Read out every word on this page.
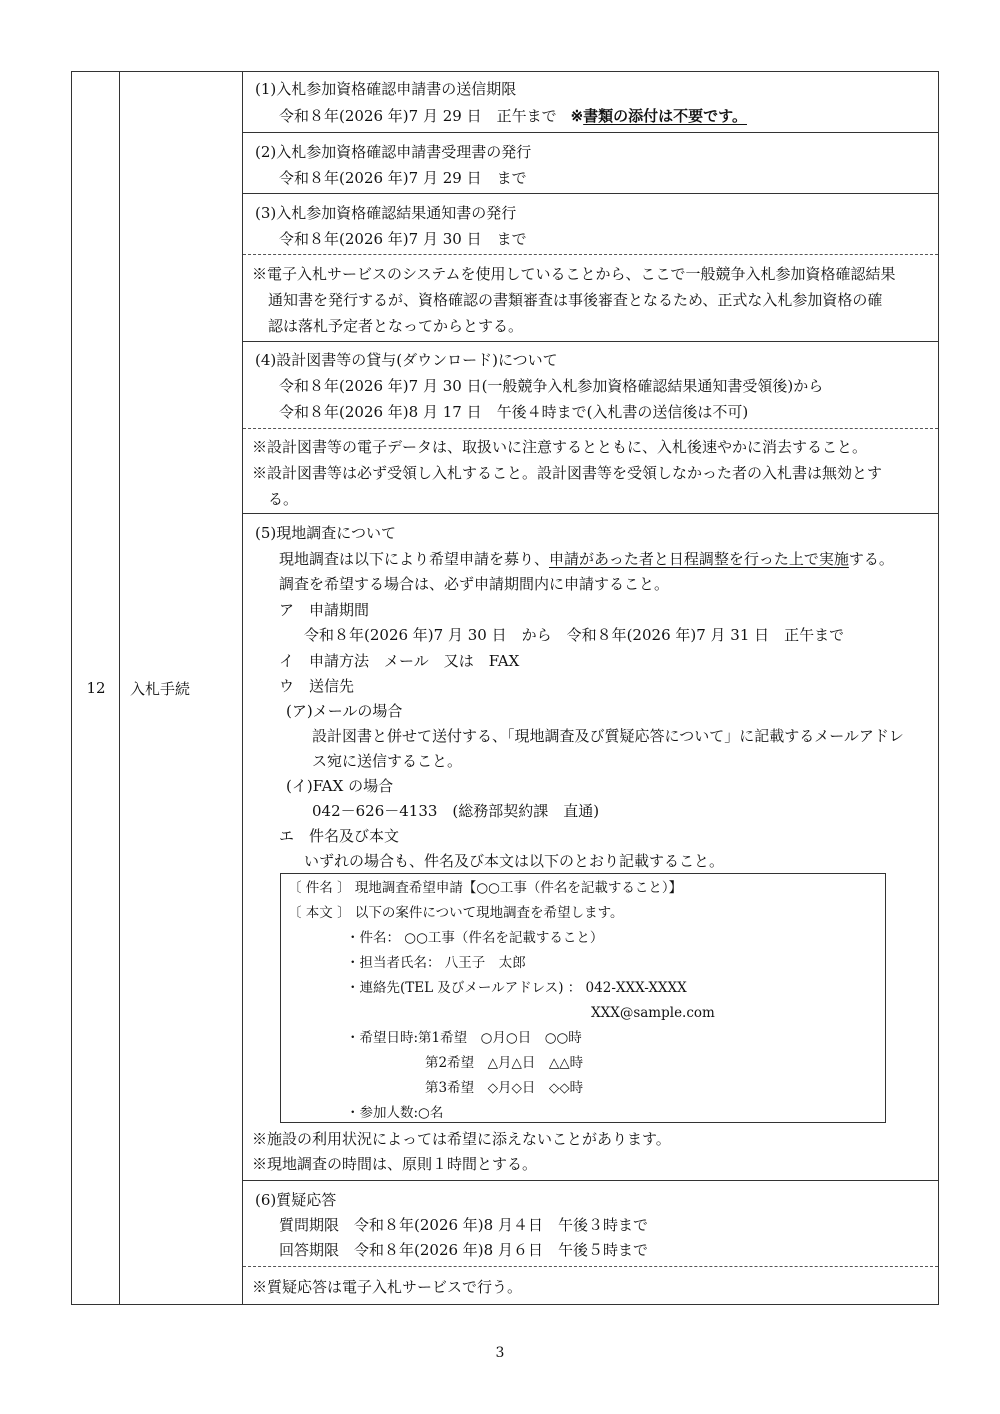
12	入札手続
(1)入札参加資格確認申請書の送信期限
令和８年(2026 年)7 月 29 日　正午まで ※書類の添付は不要です。
(2)入札参加資格確認申請書受理書の発行
令和８年(2026 年)7 月 29 日　まで
(3)入札参加資格確認結果通知書の発行
令和８年(2026 年)7 月 30 日　まで
※電子入札サービスのシステムを使用していることから、ここで一般競争入札参加資格確認結果
通知書を発行するが、資格確認の書類審査は事後審査となるため、正式な入札参加資格の確
認は落札予定者となってからとする。
(4)設計図書等の貸与(ダウンロード)について
令和８年(2026 年)7 月 30 日(一般競争入札参加資格確認結果通知書受領後)から
令和８年(2026 年)8 月 17 日　午後４時まで(入札書の送信後は不可)
※設計図書等の電子データは、取扱いに注意するとともに、入札後速やかに消去すること。
※設計図書等は必ず受領し入札すること。設計図書等を受領しなかった者の入札書は無効とす
る。
(5)現地調査について
現地調査は以下により希望申請を募り、申請があった者と日程調整を行った上で実施する。
調査を希望する場合は、必ず申請期間内に申請すること。
ア　申請期間
令和８年(2026 年)7 月 30 日　から　令和８年(2026 年)7 月 31 日　正午まで
イ　申請方法　メール　又は　FAX
ウ　送信先
(ア)メールの場合
設計図書と併せて送付する、「現地調査及び質疑応答について」に記載するメールアドレ
ス宛に送信すること。
(イ)FAX の場合
042－626－4133　(総務部契約課　直通)
エ　件名及び本文
いずれの場合も、件名及び本文は以下のとおり記載すること。
〔 件名 〕 現地調査希望申請【○○工事（件名を記載すること）】
〔 本文 〕 以下の案件について現地調査を希望します。
・件名： ○○工事（件名を記載すること）
・担当者氏名： 八王子　太郎
・連絡先(TEL 及びメールアドレス) ： 042-XXX-XXXX
XXX@sample.com
・希望日時:第1希望　○月○日　○○時
第2希望　△月△日　△△時
第3希望　◇月◇日　◇◇時
・参加人数:○名
※施設の利用状況によっては希望に添えないことがあります。
※現地調査の時間は、原則１時間とする。
(6)質疑応答
質問期限　令和８年(2026 年)8 月４日　午後３時まで
回答期限　令和８年(2026 年)8 月６日　午後５時まで
※質疑応答は電子入札サービスで行う。
3
